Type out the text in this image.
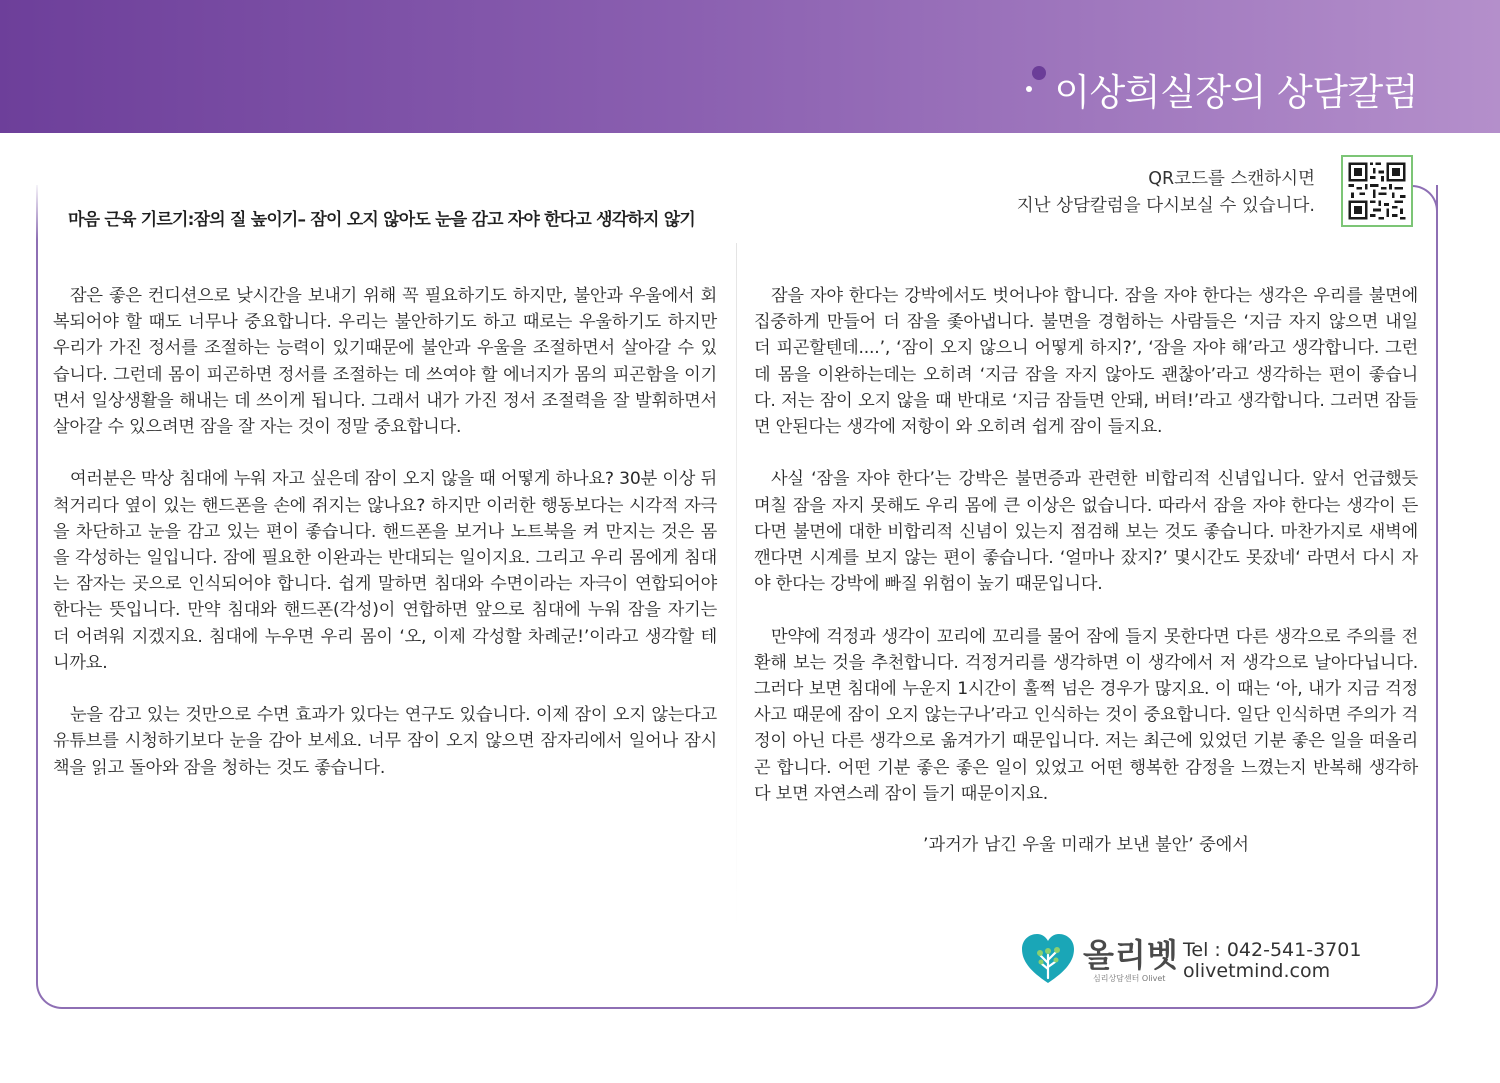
이상희실장의 상담칼럼
마음 근육 기르기:잠의 질 높이기– 잠이 오지 않아도 눈을 감고 자야 한다고 생각하지 않기
QR코드를 스캔하시면
지난 상담칼럼을 다시보실 수 있습니다.

잠은 좋은 컨디션으로 낮시간을 보내기 위해 꼭 필요하기도 하지만, 불안과 우울에서 회복되어야 할 때도 너무나 중요합니다. 우리는 불안하기도 하고 때로는 우울하기도 하지만 우리가 가진 정서를 조절하는 능력이 있기때문에 불안과 우울을 조절하면서 살아갈 수 있습니다. 그런데 몸이 피곤하면 정서를 조절하는 데 쓰여야 할 에너지가 몸의 피곤함을 이기면서 일상생활을 해내는 데 쓰이게 됩니다. 그래서 내가 가진 정서 조절력을 잘 발휘하면서 살아갈 수 있으려면 잠을 잘 자는 것이 정말 중요합니다.

여러분은 막상 침대에 누워 자고 싶은데 잠이 오지 않을 때 어떻게 하나요? 30분 이상 뒤척거리다 옆이 있는 핸드폰을 손에 쥐지는 않나요? 하지만 이러한 행동보다는 시각적 자극을 차단하고 눈을 감고 있는 편이 좋습니다. 핸드폰을 보거나 노트북을 켜 만지는 것은 몸을 각성하는 일입니다. 잠에 필요한 이완과는 반대되는 일이지요. 그리고 우리 몸에게 침대는 잠자는 곳으로 인식되어야 합니다. 쉽게 말하면 침대와 수면이라는 자극이 연합되어야 한다는 뜻입니다. 만약 침대와 핸드폰(각성)이 연합하면 앞으로 침대에 누워 잠을 자기는 더 어려워 지겠지요. 침대에 누우면 우리 몸이 ‘오, 이제 각성할 차례군!’이라고 생각할 테니까요.

눈을 감고 있는 것만으로 수면 효과가 있다는 연구도 있습니다. 이제 잠이 오지 않는다고 유튜브를 시청하기보다 눈을 감아 보세요. 너무 잠이 오지 않으면 잠자리에서 일어나 잠시 책을 읽고 돌아와 잠을 청하는 것도 좋습니다.

잠을 자야 한다는 강박에서도 벗어나야 합니다. 잠을 자야 한다는 생각은 우리를 불면에 집중하게 만들어 더 잠을 좇아냅니다. 불면을 경험하는 사람들은 ‘지금 자지 않으면 내일 더 피곤할텐데....’, ‘잠이 오지 않으니 어떻게 하지?’, ‘잠을 자야 해’라고 생각합니다. 그런데 몸을 이완하는데는 오히려 ‘지금 잠을 자지 않아도 괜찮아’라고 생각하는 편이 좋습니다. 저는 잠이 오지 않을 때 반대로 ‘지금 잠들면 안돼, 버텨!’라고 생각합니다. 그러면 잠들면 안된다는 생각에 저항이 와 오히려 쉽게 잠이 들지요.

사실 ‘잠을 자야 한다’는 강박은 불면증과 관련한 비합리적 신념입니다. 앞서 언급했듯 며칠 잠을 자지 못해도 우리 몸에 큰 이상은 없습니다. 따라서 잠을 자야 한다는 생각이 든다면 불면에 대한 비합리적 신념이 있는지 점검해 보는 것도 좋습니다. 마찬가지로 새벽에 깬다면 시계를 보지 않는 편이 좋습니다. ‘얼마나 잤지?’ 몇시간도 못잤네‘ 라면서 다시 자야 한다는 강박에 빠질 위험이 높기 때문입니다.

만약에 걱정과 생각이 꼬리에 꼬리를 물어 잠에 들지 못한다면 다른 생각으로 주의를 전환해 보는 것을 추천합니다. 걱정거리를 생각하면 이 생각에서 저 생각으로 날아다닙니다. 그러다 보면 침대에 누운지 1시간이 훌쩍 넘은 경우가 많지요. 이 때는 ‘아, 내가 지금 걱정 사고 때문에 잠이 오지 않는구나’라고 인식하는 것이 중요합니다. 일단 인식하면 주의가 걱정이 아닌 다른 생각으로 옮겨가기 때문입니다. 저는 최근에 있었던 기분 좋은 일을 떠올리곤 합니다. 어떤 기분 좋은 좋은 일이 있었고 어떤 행복한 감정을 느꼈는지 반복해 생각하다 보면 자연스레 잠이 들기 때문이지요.

’과거가 남긴 우울 미래가 보낸 불안’ 중에서
올리벳
심리상담센터 Olivet
Tel : 042-541-3701
olivetmind.com
